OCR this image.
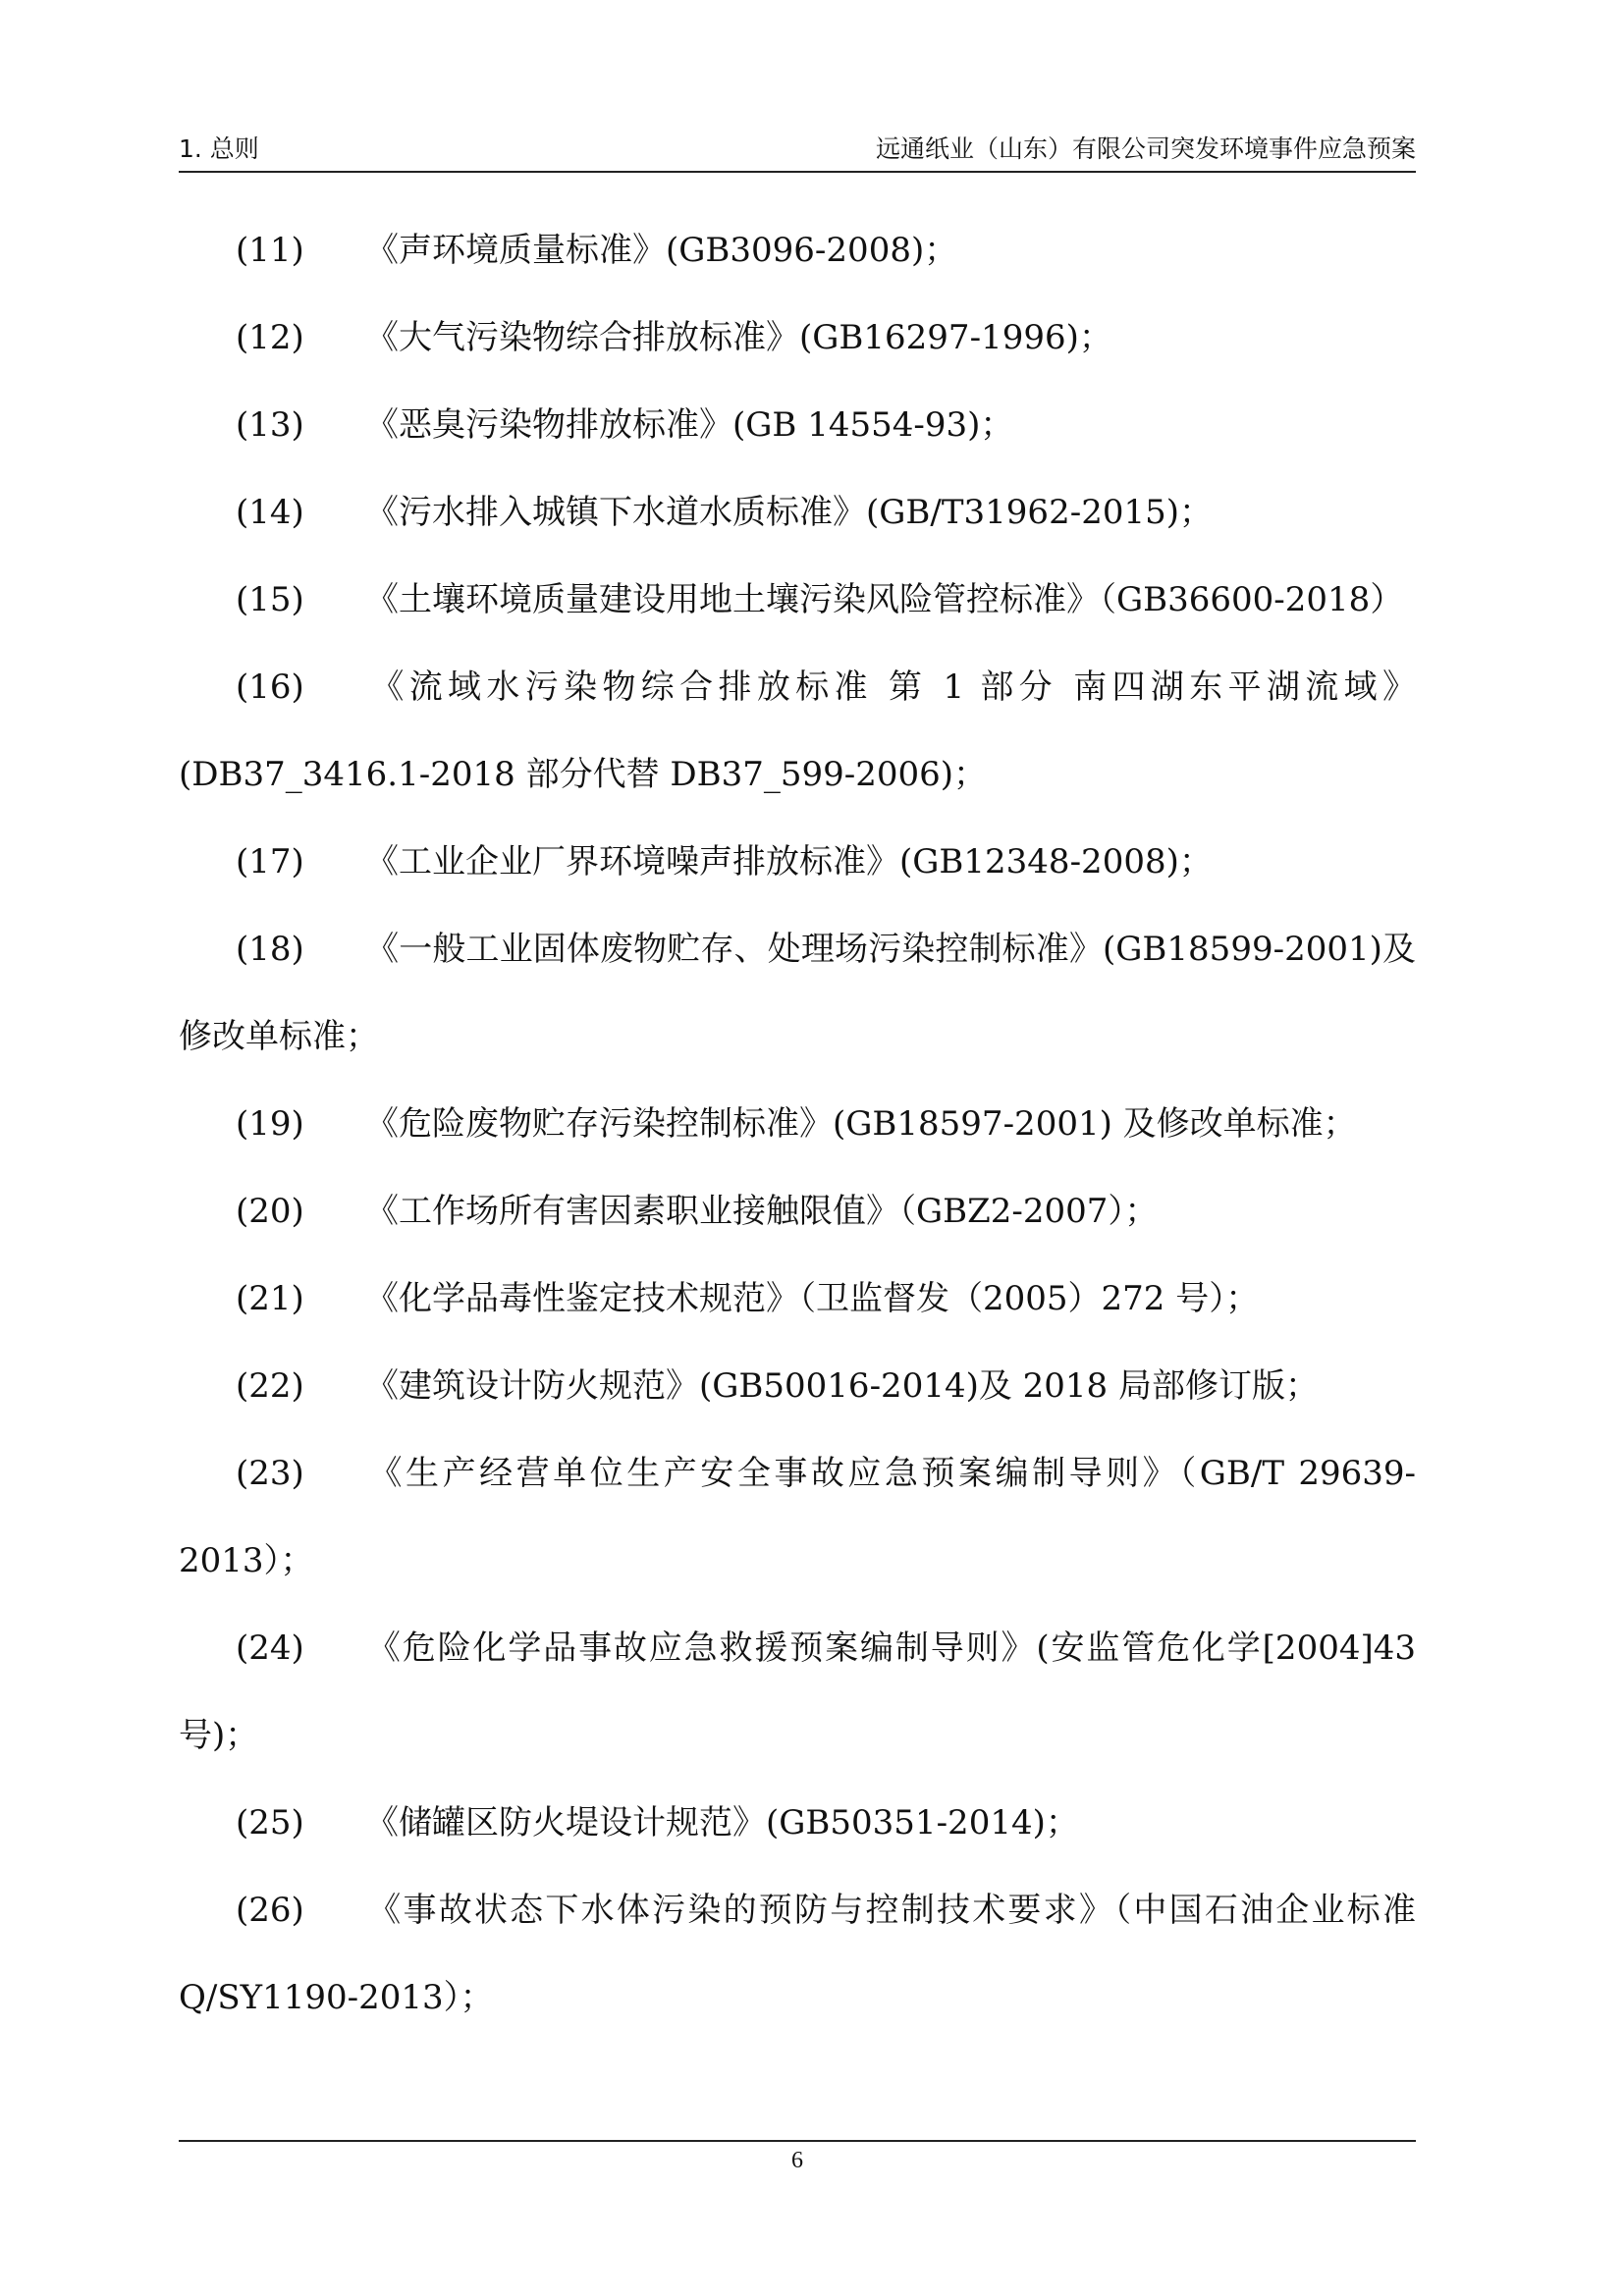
1. 总则	远通纸业（山东）有限公司突发环境事件应急预案

(11) 《声环境质量标准》(GB3096-2008)；

(12) 《大气污染物综合排放标准》(GB16297-1996)；

(13) 《恶臭污染物排放标准》(GB 14554-93)；

(14) 《污水排入城镇下水道水质标准》(GB/T31962-2015)；

(15) 《土壤环境质量建设用地土壤污染风险管控标准》（GB36600-2018）

(16) 《流域水污染物综合排放标准 第 1 部分 南四湖东平湖流域》(DB37_3416.1-2018 部分代替 DB37_599-2006)；

(17) 《工业企业厂界环境噪声排放标准》(GB12348-2008)；

(18) 《一般工业固体废物贮存、处理场污染控制标准》(GB18599-2001)及修改单标准；

(19) 《危险废物贮存污染控制标准》(GB18597-2001) 及修改单标准；

(20) 《工作场所有害因素职业接触限值》（GBZ2-2007）；

(21) 《化学品毒性鉴定技术规范》（卫监督发（2005）272 号）；

(22) 《建筑设计防火规范》(GB50016-2014)及 2018 局部修订版；

(23) 《生产经营单位生产安全事故应急预案编制导则》（GB/T 29639-2013）；

(24) 《危险化学品事故应急救援预案编制导则》(安监管危化学[2004]43 号)；

(25) 《储罐区防火堤设计规范》(GB50351-2014)；

(26) 《事故状态下水体污染的预防与控制技术要求》（中国石油企业标准 Q/SY1190-2013）；

6
